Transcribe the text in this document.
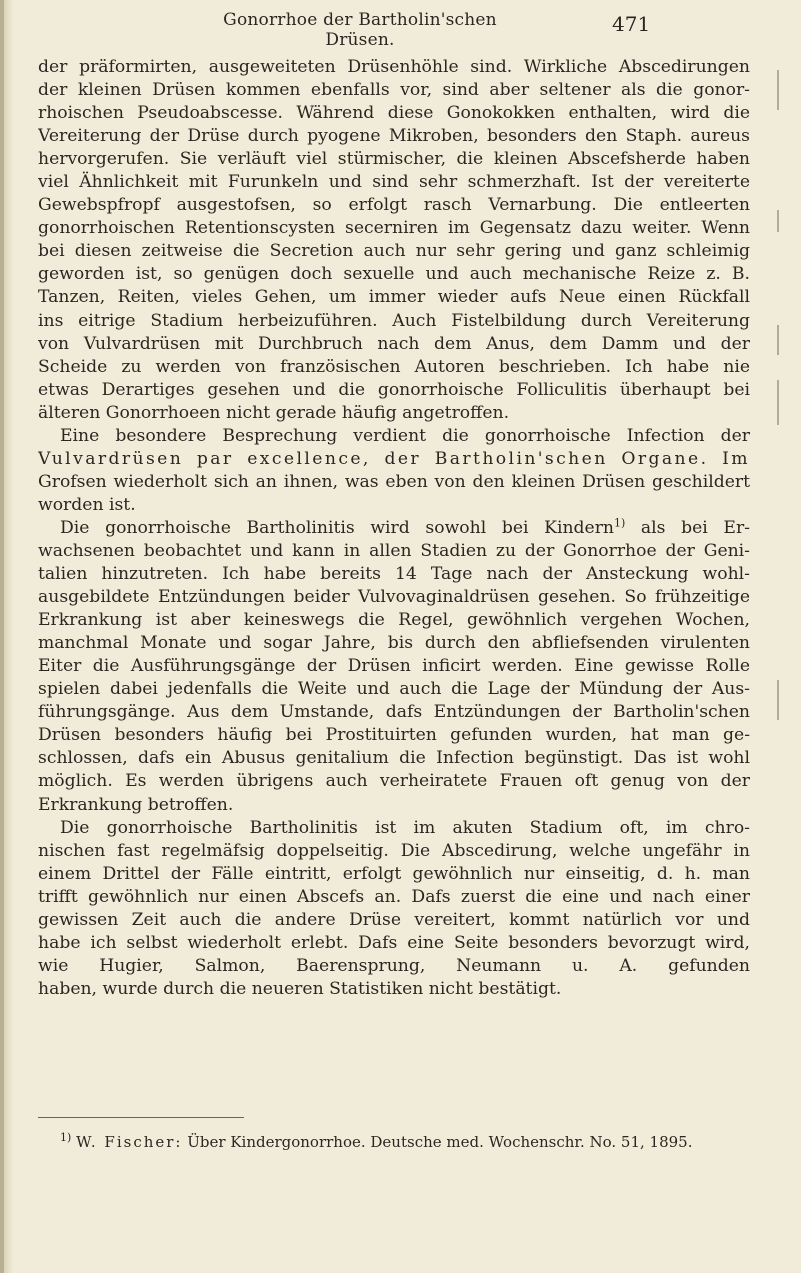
Gonorrhoe der Bartholin'schen Drüsen.
471
der präformirten, ausgeweiteten Drüsenhöhle sind. Wirkliche Abscedirungen
der kleinen Drüsen kommen ebenfalls vor, sind aber seltener als die gonor-
rhoischen Pseudoabscesse. Während diese Gonokokken enthalten, wird die
Vereiterung der Drüse durch pyogene Mikroben, besonders den Staph. aureus
hervorgerufen. Sie verläuft viel stürmischer, die kleinen Abscefsherde haben
viel Ähnlichkeit mit Furunkeln und sind sehr schmerzhaft. Ist der vereiterte
Gewebspfropf ausgestofsen, so erfolgt rasch Vernarbung. Die entleerten
gonorrhoischen Retentionscysten secerniren im Gegensatz dazu weiter. Wenn
bei diesen zeitweise die Secretion auch nur sehr gering und ganz schleimig
geworden ist, so genügen doch sexuelle und auch mechanische Reize z. B.
Tanzen, Reiten, vieles Gehen, um immer wieder aufs Neue einen Rückfall
ins eitrige Stadium herbeizuführen. Auch Fistelbildung durch Vereiterung
von Vulvardrüsen mit Durchbruch nach dem Anus, dem Damm und der
Scheide zu werden von französischen Autoren beschrieben. Ich habe nie
etwas Derartiges gesehen und die gonorrhoische Folliculitis überhaupt bei
älteren Gonorrhoeen nicht gerade häufig angetroffen.
Eine besondere Besprechung verdient die gonorrhoische Infection der
Vulvardrüsen par excellence, der Bartholin'schen Organe. Im
Grofsen wiederholt sich an ihnen, was eben von den kleinen Drüsen geschildert
worden ist.
Die gonorrhoische Bartholinitis wird sowohl bei Kindern$^{1)}$ als bei Er-
wachsenen beobachtet und kann in allen Stadien zu der Gonorrhoe der Geni-
talien hinzutreten. Ich habe bereits 14 Tage nach der Ansteckung wohl-
ausgebildete Entzündungen beider Vulvovaginaldrüsen gesehen. So frühzeitige
Erkrankung ist aber keineswegs die Regel, gewöhnlich vergehen Wochen,
manchmal Monate und sogar Jahre, bis durch den abfliefsenden virulenten
Eiter die Ausführungsgänge der Drüsen inficirt werden. Eine gewisse Rolle
spielen dabei jedenfalls die Weite und auch die Lage der Mündung der Aus-
führungsgänge. Aus dem Umstande, dafs Entzündungen der Bartholin'schen
Drüsen besonders häufig bei Prostituirten gefunden wurden, hat man ge-
schlossen, dafs ein Abusus genitalium die Infection begünstigt. Das ist wohl
möglich. Es werden übrigens auch verheiratete Frauen oft genug von der
Erkrankung betroffen.
Die gonorrhoische Bartholinitis ist im akuten Stadium oft, im chro-
nischen fast regelmäfsig doppelseitig. Die Abscedirung, welche ungefähr in
einem Drittel der Fälle eintritt, erfolgt gewöhnlich nur einseitig, d. h. man
trifft gewöhnlich nur einen Abscefs an. Dafs zuerst die eine und nach einer
gewissen Zeit auch die andere Drüse vereitert, kommt natürlich vor und
habe ich selbst wiederholt erlebt. Dafs eine Seite besonders bevorzugt wird,
wie Hugier, Salmon, Baerensprung, Neumann u. A. gefunden
haben, wurde durch die neueren Statistiken nicht bestätigt.
$^{1)}$ W. Fischer: Über Kindergonorrhoe. Deutsche med. Wochenschr. No. 51, 1895.
